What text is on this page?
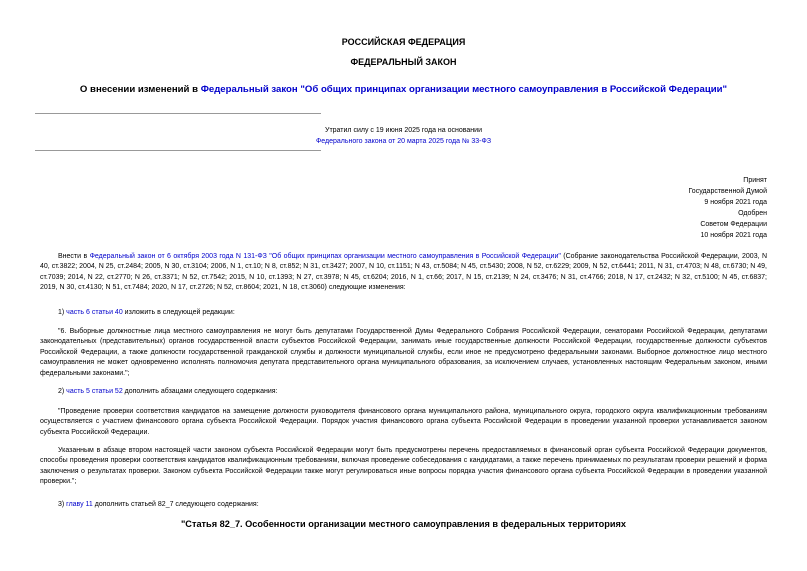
РОССИЙСКАЯ ФЕДЕРАЦИЯ
ФЕДЕРАЛЬНЫЙ ЗАКОН
О внесении изменений в Федеральный закон "Об общих принципах организации местного самоуправления в Российской Федерации"
Утратил силу с 19 июня 2025 года на основании
Федерального закона от 20 марта 2025 года № 33-ФЗ
Принят
Государственной Думой
9 ноября 2021 года
Одобрен
Советом Федерации
10 ноября 2021 года
Внести в Федеральный закон от 6 октября 2003 года N 131-ФЗ "Об общих принципах организации местного самоуправления в Российской Федерации" (Собрание законодательства Российской Федерации, 2003, N 40, ст.3822; 2004, N 25, ст.2484; 2005, N 30, ст.3104; 2006, N 1, ст.10; N 8, ст.852; N 31, ст.3427; 2007, N 10, ст.1151; N 43, ст.5084; N 45, ст.5430; 2008, N 52, ст.6229; 2009, N 52, ст.6441; 2011, N 31, ст.4703; N 48, ст.6730; N 49, ст.7039; 2014, N 22, ст.2770; N 26, ст.3371; N 52, ст.7542; 2015, N 10, ст.1393; N 27, ст.3978; N 45, ст.6204; 2016, N 1, ст.66; 2017, N 15, ст.2139; N 24, ст.3476; N 31, ст.4766; 2018, N 17, ст.2432; N 32, ст.5100; N 45, ст.6837; 2019, N 30, ст.4130; N 51, ст.7484; 2020, N 17, ст.2726; N 52, ст.8604; 2021, N 18, ст.3060) следующие изменения:
1) часть 6 статьи 40 изложить в следующей редакции:
"6. Выборные должностные лица местного самоуправления не могут быть депутатами Государственной Думы Федерального Собрания Российской Федерации, сенаторами Российской Федерации, депутатами законодательных (представительных) органов государственной власти субъектов Российской Федерации, занимать иные государственные должности Российской Федерации, государственные должности субъектов Российской Федерации, а также должности государственной гражданской службы и должности муниципальной службы, если иное не предусмотрено федеральными законами. Выборное должностное лицо местного самоуправления не может одновременно исполнять полномочия депутата представительного органа муниципального образования, за исключением случаев, установленных настоящим Федеральным законом, иными федеральными законами.";
2) часть 5 статьи 52 дополнить абзацами следующего содержания:
"Проведение проверки соответствия кандидатов на замещение должности руководителя финансового органа муниципального района, муниципального округа, городского округа квалификационным требованиям осуществляется с участием финансового органа субъекта Российской Федерации. Порядок участия финансового органа субъекта Российской Федерации в проведении указанной проверки устанавливается законом субъекта Российской Федерации.
Указанным в абзаце втором настоящей части законом субъекта Российской Федерации могут быть предусмотрены перечень предоставляемых в финансовый орган субъекта Российской Федерации документов, способы проведения проверки соответствия кандидатов квалификационным требованиям, включая проведение собеседования с кандидатами, а также перечень принимаемых по результатам проверки решений и форма заключения о результатах проверки. Законом субъекта Российской Федерации также могут регулироваться иные вопросы порядка участия финансового органа субъекта Российской Федерации в проведении указанной проверки.";
3) главу 11 дополнить статьей 82_7 следующего содержания:
"Статья 82_7. Особенности организации местного самоуправления в федеральных территориях
